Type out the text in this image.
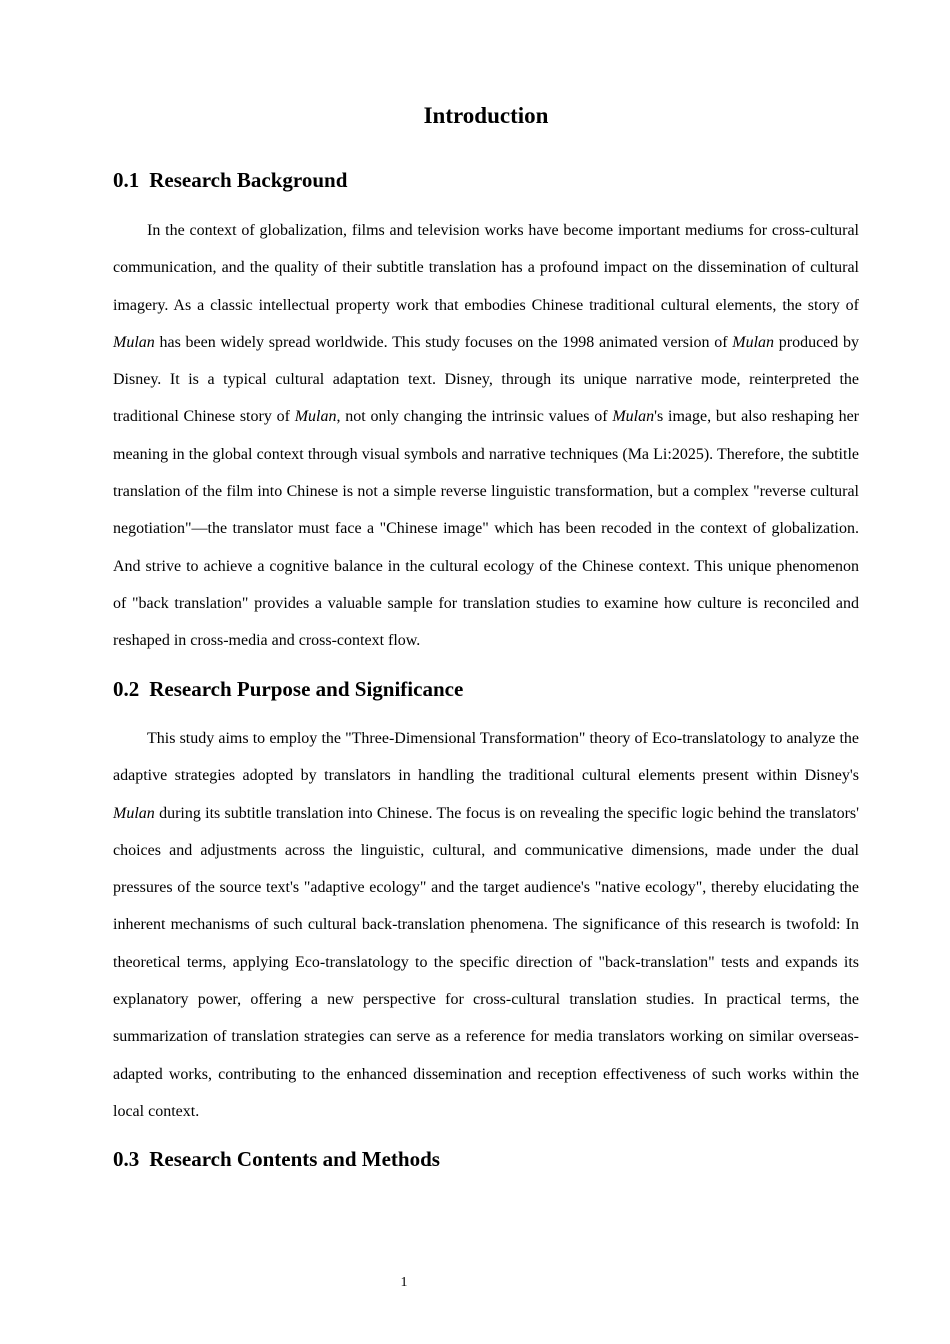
Introduction
0.1 Research Background

In the context of globalization, films and television works have become important mediums for cross-cultural communication, and the quality of their subtitle translation has a profound impact on the dissemination of cultural imagery. As a classic intellectual property work that embodies Chinese traditional cultural elements, the story of Mulan has been widely spread worldwide. This study focuses on the 1998 animated version of Mulan produced by Disney. It is a typical cultural adaptation text. Disney, through its unique narrative mode, reinterpreted the traditional Chinese story of Mulan, not only changing the intrinsic values of Mulan's image, but also reshaping her meaning in the global context through visual symbols and narrative techniques (Ma Li:2025). Therefore, the subtitle translation of the film into Chinese is not a simple reverse linguistic transformation, but a complex "reverse cultural negotiation"—the translator must face a "Chinese image" which has been recoded in the context of globalization. And strive to achieve a cognitive balance in the cultural ecology of the Chinese context. This unique phenomenon of "back translation" provides a valuable sample for translation studies to examine how culture is reconciled and reshaped in cross-media and cross-context flow.

0.2 Research Purpose and Significance

This study aims to employ the "Three-Dimensional Transformation" theory of Eco-translatology to analyze the adaptive strategies adopted by translators in handling the traditional cultural elements present within Disney's Mulan during its subtitle translation into Chinese. The focus is on revealing the specific logic behind the translators' choices and adjustments across the linguistic, cultural, and communicative dimensions, made under the dual pressures of the source text's "adaptive ecology" and the target audience's "native ecology", thereby elucidating the inherent mechanisms of such cultural back-translation phenomena. The significance of this research is twofold: In theoretical terms, applying Eco-translatology to the specific direction of "back-translation" tests and expands its explanatory power, offering a new perspective for cross-cultural translation studies. In practical terms, the summarization of translation strategies can serve as a reference for media translators working on similar overseas-adapted works, contributing to the enhanced dissemination and reception effectiveness of such works within the local context.

0.3 Research Contents and Methods
1
